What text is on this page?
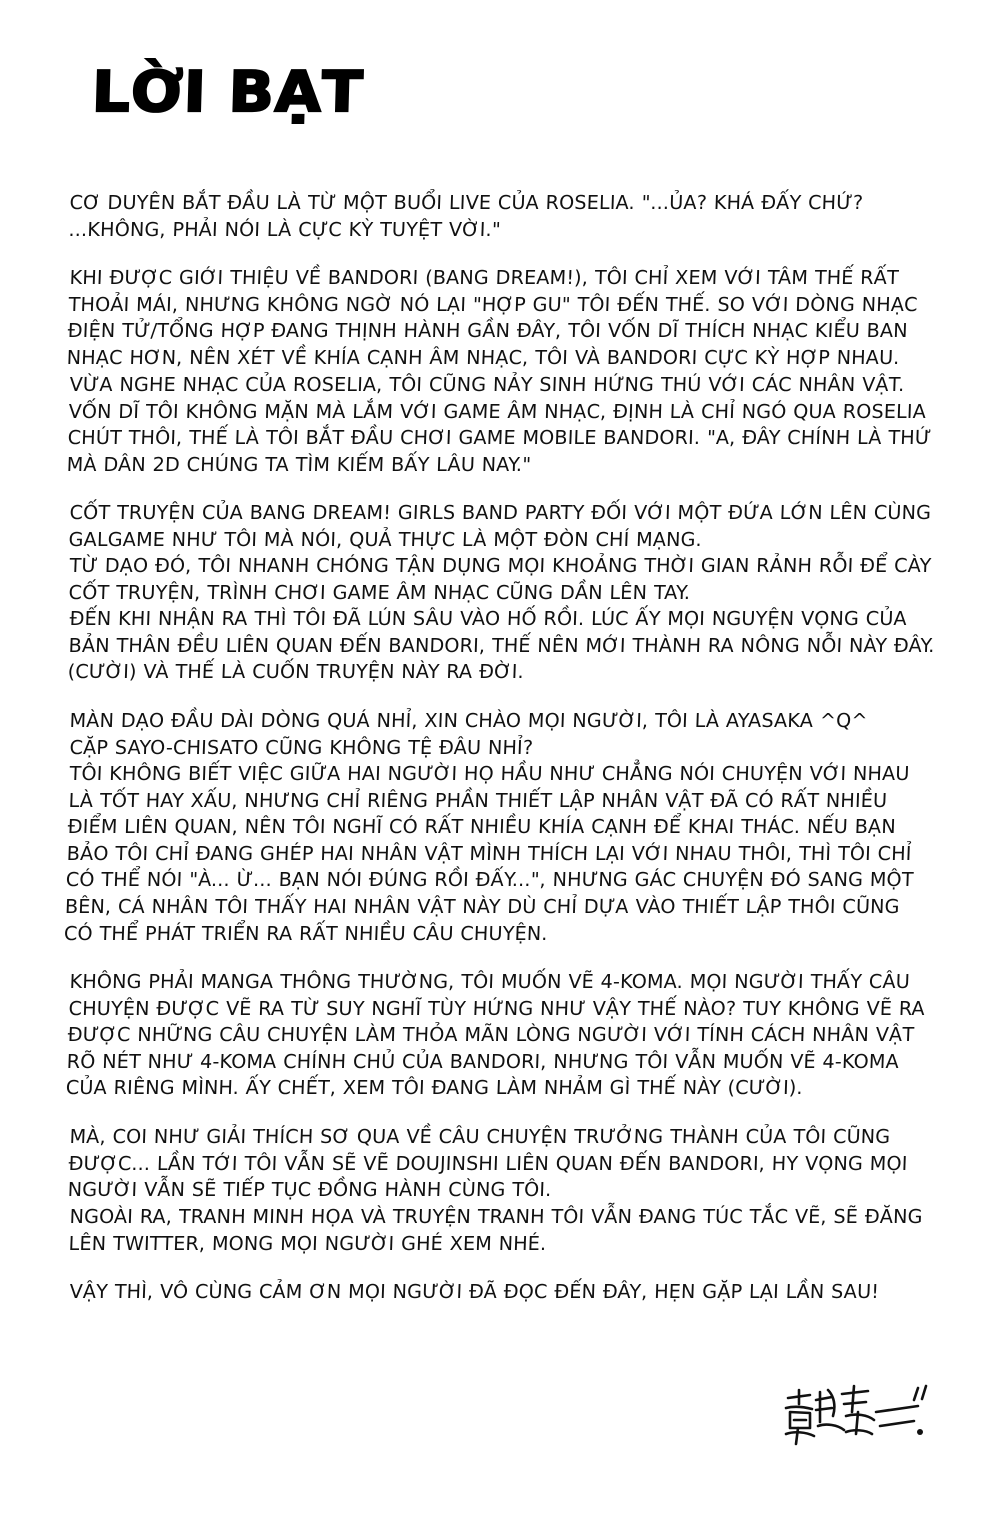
LỜI BẠT

CƠ DUYÊN BẮT ĐẦU LÀ TỪ MỘT BUỔI LIVE CỦA ROSELIA. "...ỦA? KHÁ ĐẤY CHỨ? ...KHÔNG, PHẢI NÓI LÀ CỰC KỲ TUYỆT VỜI."

KHI ĐƯỢC GIỚI THIỆU VỀ BANDORI (BANG DREAM!), TÔI CHỈ XEM VỚI TÂM THẾ RẤT THOẢI MÁI, NHƯNG KHÔNG NGỜ NÓ LẠI "HỢP GU" TÔI ĐẾN THẾ. SO VỚI DÒNG NHẠC ĐIỆN TỬ/TỔNG HỢP ĐANG THỊNH HÀNH GẦN ĐÂY, TÔI VỐN DĨ THÍCH NHẠC KIỂU BAN NHẠC HƠN, NÊN XÉT VỀ KHÍA CẠNH ÂM NHẠC, TÔI VÀ BANDORI CỰC KỲ HỢP NHAU.

VỪA NGHE NHẠC CỦA ROSELIA, TÔI CŨNG NẢY SINH HỨNG THÚ VỚI CÁC NHÂN VẬT. VỐN DĨ TÔI KHÔNG MẶN MÀ LẮM VỚI GAME ÂM NHẠC, ĐỊNH LÀ CHỈ NGÓ QUA ROSELIA CHÚT THÔI, THẾ LÀ TÔI BẮT ĐẦU CHƠI GAME MOBILE BANDORI. "A, ĐÂY CHÍNH LÀ THỨ MÀ DÂN 2D CHÚNG TA TÌM KIẾM BẤY LÂU NAY."

CỐT TRUYỆN CỦA BANG DREAM! GIRLS BAND PARTY ĐỐI VỚI MỘT ĐỨA LỚN LÊN CÙNG GALGAME NHƯ TÔI MÀ NÓI, QUẢ THỰC LÀ MỘT ĐÒN CHÍ MẠNG.

TỪ DẠO ĐÓ, TÔI NHANH CHÓNG TẬN DỤNG MỌI KHOẢNG THỜI GIAN RẢNH RỖI ĐỂ CÀY CỐT TRUYỆN, TRÌNH CHƠI GAME ÂM NHẠC CŨNG DẦN LÊN TAY.

ĐẾN KHI NHẬN RA THÌ TÔI ĐÃ LÚN SÂU VÀO HỐ RỒI. LÚC ẤY MỌI NGUYỆN VỌNG CỦA BẢN THÂN ĐỀU LIÊN QUAN ĐẾN BANDORI, THẾ NÊN MỚI THÀNH RA NÔNG NỖI NÀY ĐÂY. (CƯỜI) VÀ THẾ LÀ CUỐN TRUYỆN NÀY RA ĐỜI.

MÀN DẠO ĐẦU DÀI DÒNG QUÁ NHỈ, XIN CHÀO MỌI NGƯỜI, TÔI LÀ AYASAKA ^Q^

CẶP SAYO-CHISATO CŨNG KHÔNG TỆ ĐÂU NHỈ?

TÔI KHÔNG BIẾT VIỆC GIỮA HAI NGƯỜI HỌ HẦU NHƯ CHẲNG NÓI CHUYỆN VỚI NHAU LÀ TỐT HAY XẤU, NHƯNG CHỈ RIÊNG PHẦN THIẾT LẬP NHÂN VẬT ĐÃ CÓ RẤT NHIỀU ĐIỂM LIÊN QUAN, NÊN TÔI NGHĨ CÓ RẤT NHIỀU KHÍA CẠNH ĐỂ KHAI THÁC. NẾU BẠN BẢO TÔI CHỈ ĐANG GHÉP HAI NHÂN VẬT MÌNH THÍCH LẠI VỚI NHAU THÔI, THÌ TÔI CHỈ CÓ THỂ NÓI "À... Ừ... BẠN NÓI ĐÚNG RỒI ĐẤY...", NHƯNG GÁC CHUYỆN ĐÓ SANG MỘT BÊN, CÁ NHÂN TÔI THẤY HAI NHÂN VẬT NÀY DÙ CHỈ DỰA VÀO THIẾT LẬP THÔI CŨNG CÓ THỂ PHÁT TRIỂN RA RẤT NHIỀU CÂU CHUYỆN.

KHÔNG PHẢI MANGA THÔNG THƯỜNG, TÔI MUỐN VẼ 4-KOMA. MỌI NGƯỜI THẤY CÂU CHUYỆN ĐƯỢC VẼ RA TỪ SUY NGHĨ TÙY HỨNG NHƯ VẬY THẾ NÀO? TUY KHÔNG VẼ RA ĐƯỢC NHỮNG CÂU CHUYỆN LÀM THỎA MÃN LÒNG NGƯỜI VỚI TÍNH CÁCH NHÂN VẬT RÕ NÉT NHƯ 4-KOMA CHÍNH CHỦ CỦA BANDORI, NHƯNG TÔI VẪN MUỐN VẼ 4-KOMA CỦA RIÊNG MÌNH. ẤY CHẾT, XEM TÔI ĐANG LÀM NHẢM GÌ THẾ NÀY (CƯỜI).

MÀ, COI NHƯ GIẢI THÍCH SƠ QUA VỀ CÂU CHUYỆN TRƯỞNG THÀNH CỦA TÔI CŨNG ĐƯỢC... LẦN TỚI TÔI VẪN SẼ VẼ DOUJINSHI LIÊN QUAN ĐẾN BANDORI, HY VỌNG MỌI NGƯỜI VẪN SẼ TIẾP TỤC ĐỒNG HÀNH CÙNG TÔI.

NGOÀI RA, TRANH MINH HỌA VÀ TRUYỆN TRANH TÔI VẪN ĐANG TÚC TẮC VẼ, SẼ ĐĂNG LÊN TWITTER, MONG MỌI NGƯỜI GHÉ XEM NHÉ.

VẬY THÌ, VÔ CÙNG CẢM ƠN MỌI NGƯỜI ĐÃ ĐỌC ĐẾN ĐÂY, HẸN GẶP LẠI LẦN SAU!
